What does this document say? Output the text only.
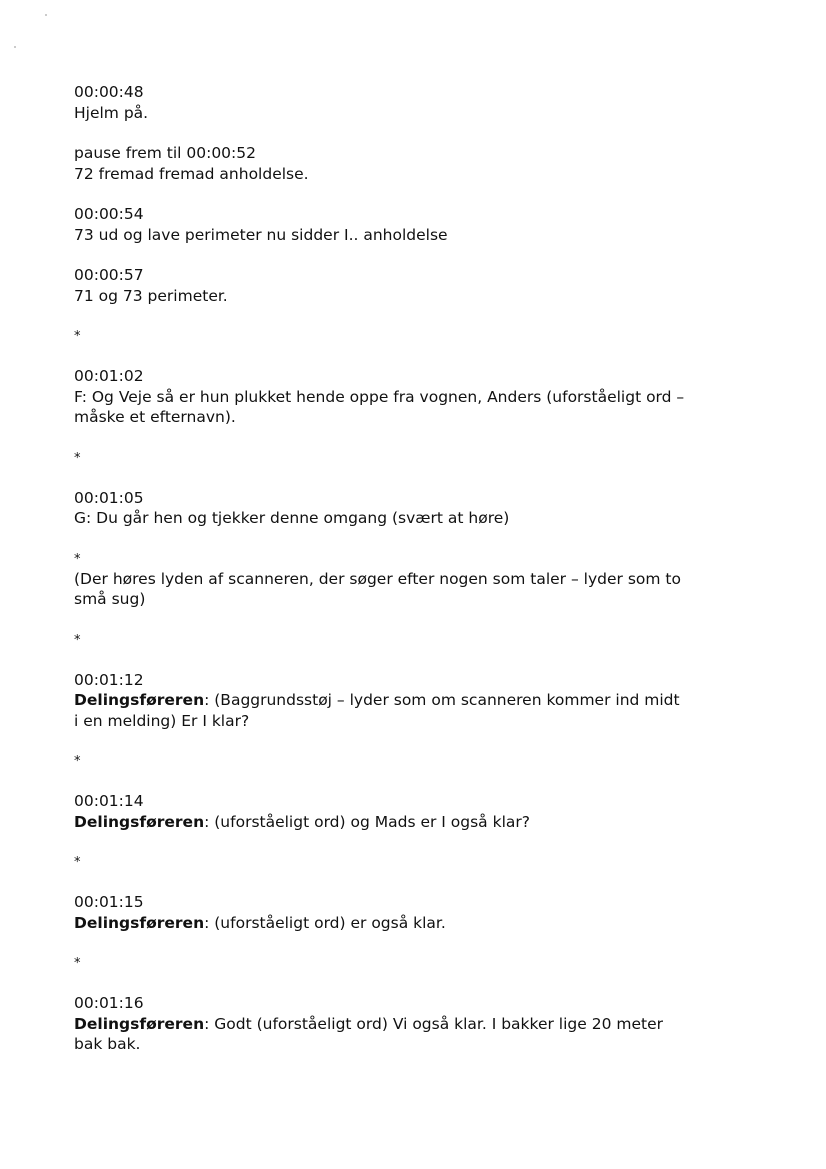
00:00:48
Hjelm på.
pause frem til 00:00:52
72 fremad fremad anholdelse.
00:00:54
73 ud og lave perimeter nu sidder I.. anholdelse
00:00:57
71 og 73 perimeter.
*
00:01:02
F: Og Veje så er hun plukket hende oppe fra vognen, Anders (uforståeligt ord –
måske et efternavn).
*
00:01:05
G: Du går hen og tjekker denne omgang (svært at høre)
*
(Der høres lyden af scanneren, der søger efter nogen som taler – lyder som to
små sug)
*
00:01:12
Delingsføreren: (Baggrundsstøj – lyder som om scanneren kommer ind midt
i en melding) Er I klar?
*
00:01:14
Delingsføreren: (uforståeligt ord) og Mads er I også klar?
*
00:01:15
Delingsføreren: (uforståeligt ord) er også klar.
*
00:01:16
Delingsføreren: Godt (uforståeligt ord) Vi også klar. I bakker lige 20 meter
bak bak.
